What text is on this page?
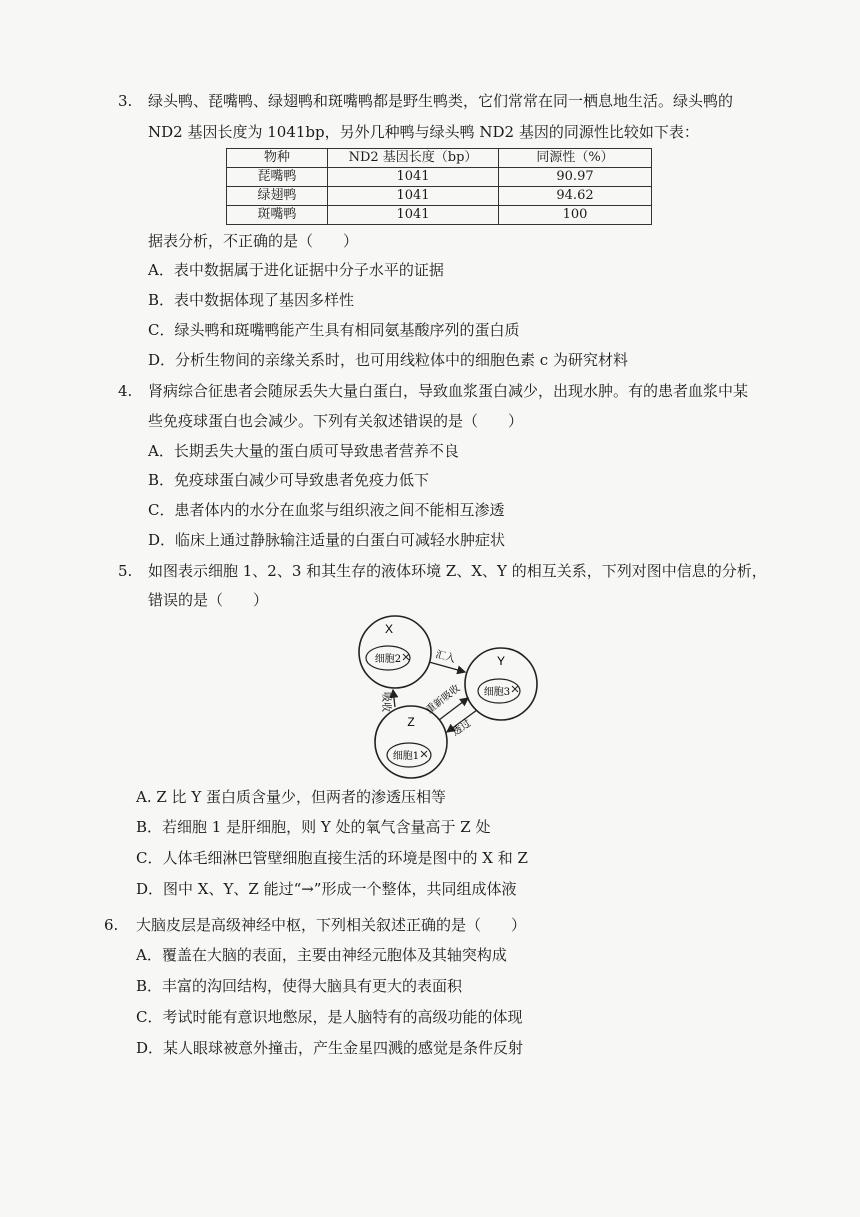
3. 绿头鸭、琵嘴鸭、绿翅鸭和斑嘴鸭都是野生鸭类，它们常常在同一栖息地生活。绿头鸭的
ND2 基因长度为 1041bp，另外几种鸭与绿头鸭 ND2 基因的同源性比较如下表：
物种	ND2 基因长度（bp）	同源性（%）
琵嘴鸭	1041	90.97
绿翅鸭	1041	94.62
斑嘴鸭	1041	100
据表分析，不正确的是（　　）
A．表中数据属于进化证据中分子水平的证据
B．表中数据体现了基因多样性
C．绿头鸭和斑嘴鸭能产生具有相同氨基酸序列的蛋白质
D．分析生物间的亲缘关系时，也可用线粒体中的细胞色素 c 为研究材料
4. 肾病综合征患者会随尿丢失大量白蛋白，导致血浆蛋白减少，出现水肿。有的患者血浆中某
些免疫球蛋白也会减少。下列有关叙述错误的是（　　）
A．长期丢失大量的蛋白质可导致患者营养不良
B．免疫球蛋白减少可导致患者免疫力低下
C．患者体内的水分在血浆与组织液之间不能相互渗透
D．临床上通过静脉输注适量的白蛋白可减轻水肿症状
5. 如图表示细胞 1、2、3 和其生存的液体环境 Z、X、Y 的相互关系，下列对图中信息的分析，
错误的是（　　）
X
细胞2	Y
细胞3
Z
细胞1
汇入
吸收	重新吸收
透过
A. Z 比 Y 蛋白质含量少，但两者的渗透压相等
B．若细胞 1 是肝细胞，则 Y 处的氧气含量高于 Z 处
C．人体毛细淋巴管壁细胞直接生活的环境是图中的 X 和 Z
D．图中 X、Y、Z 能过“→”形成一个整体，共同组成体液
6. 大脑皮层是高级神经中枢，下列相关叙述正确的是（　　）
A．覆盖在大脑的表面，主要由神经元胞体及其轴突构成
B．丰富的沟回结构，使得大脑具有更大的表面积
C．考试时能有意识地憋尿，是人脑特有的高级功能的体现
D．某人眼球被意外撞击，产生金星四溅的感觉是条件反射
